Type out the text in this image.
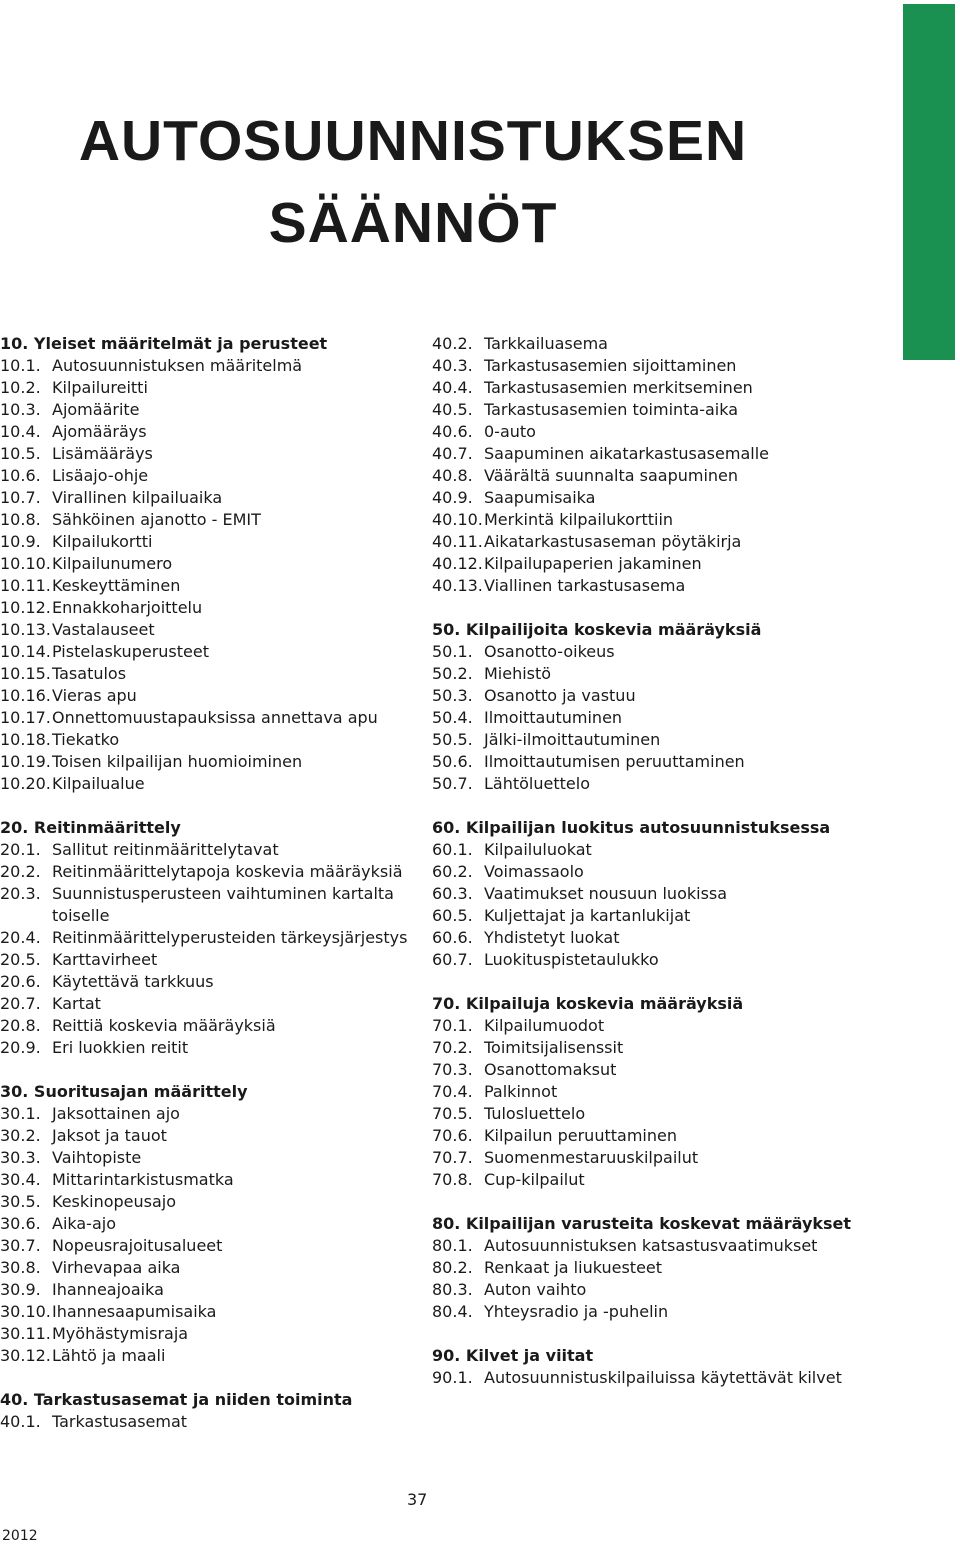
AUTOSUUNNISTUKSEN
SÄÄNNÖT
10. Yleiset määritelmät ja perusteet
10.1. Autosuunnistuksen määritelmä
10.2. Kilpailureitti
10.3. Ajomäärite
10.4. Ajomääräys
10.5. Lisämääräys
10.6. Lisäajo-ohje
10.7. Virallinen kilpailuaika
10.8. Sähköinen ajanotto - EMIT
10.9. Kilpailukortti
10.10. Kilpailunumero
10.11. Keskeyttäminen
10.12. Ennakkoharjoittelu
10.13. Vastalauseet
10.14. Pistelaskuperusteet
10.15. Tasatulos
10.16. Vieras apu
10.17. Onnettomuustapauksissa annettava apu
10.18. Tiekatko
10.19. Toisen kilpailijan huomioiminen
10.20. Kilpailualue
20. Reitinmäärittely
20.1. Sallitut reitinmäärittelytavat
20.2. Reitinmäärittelytapoja koskevia määräyksiä
20.3. Suunnistusperusteen vaihtuminen kartalta toiselle
20.4. Reitinmäärittelyperusteiden tärkeysjärjestys
20.5. Karttavirheet
20.6. Käytettävä tarkkuus
20.7. Kartat
20.8. Reittiä koskevia määräyksiä
20.9. Eri luokkien reitit
30. Suoritusajan määrittely
30.1. Jaksottainen ajo
30.2. Jaksot ja tauot
30.3. Vaihtopiste
30.4. Mittarintarkistusmatka
30.5. Keskinopeusajo
30.6. Aika-ajo
30.7. Nopeusrajoitusalueet
30.8. Virhevapaa aika
30.9. Ihanneajoaika
30.10. Ihannesaapumisaika
30.11. Myöhästymisraja
30.12. Lähtö ja maali
40. Tarkastusasemat ja niiden toiminta
40.1. Tarkastusasemat
40.2. Tarkkailuasema
40.3. Tarkastusasemien sijoittaminen
40.4. Tarkastusasemien merkitseminen
40.5. Tarkastusasemien toiminta-aika
40.6. 0-auto
40.7. Saapuminen aikatarkastusasemalle
40.8. Väärältä suunnalta saapuminen
40.9. Saapumisaika
40.10. Merkintä kilpailukorttiin
40.11. Aikatarkastusaseman pöytäkirja
40.12. Kilpailupaperien jakaminen
40.13. Viallinen tarkastusasema
50. Kilpailijoita koskevia määräyksiä
50.1. Osanotto-oikeus
50.2. Miehistö
50.3. Osanotto ja vastuu
50.4. Ilmoittautuminen
50.5. Jälki-ilmoittautuminen
50.6. Ilmoittautumisen peruuttaminen
50.7. Lähtöluettelo
60. Kilpailijan luokitus autosuunnistuksessa
60.1. Kilpailuluokat
60.2. Voimassaolo
60.3. Vaatimukset nousuun luokissa
60.5. Kuljettajat ja kartanlukijat
60.6. Yhdistetyt luokat
60.7. Luokituspistetaulukko
70. Kilpailuja koskevia määräyksiä
70.1. Kilpailumuodot
70.2. Toimitsijalisenssit
70.3. Osanottomaksut
70.4. Palkinnot
70.5. Tulosluettelo
70.6. Kilpailun peruuttaminen
70.7. Suomenmestaruuskilpailut
70.8. Cup-kilpailut
80. Kilpailijan varusteita koskevat määräykset
80.1. Autosuunnistuksen katsastusvaatimukset
80.2. Renkaat ja liukuesteet
80.3. Auton vaihto
80.4. Yhteysradio ja -puhelin
90. Kilvet ja viitat
90.1. Autosuunnistuskilpailuissa käytettävät kilvet
37
2012
